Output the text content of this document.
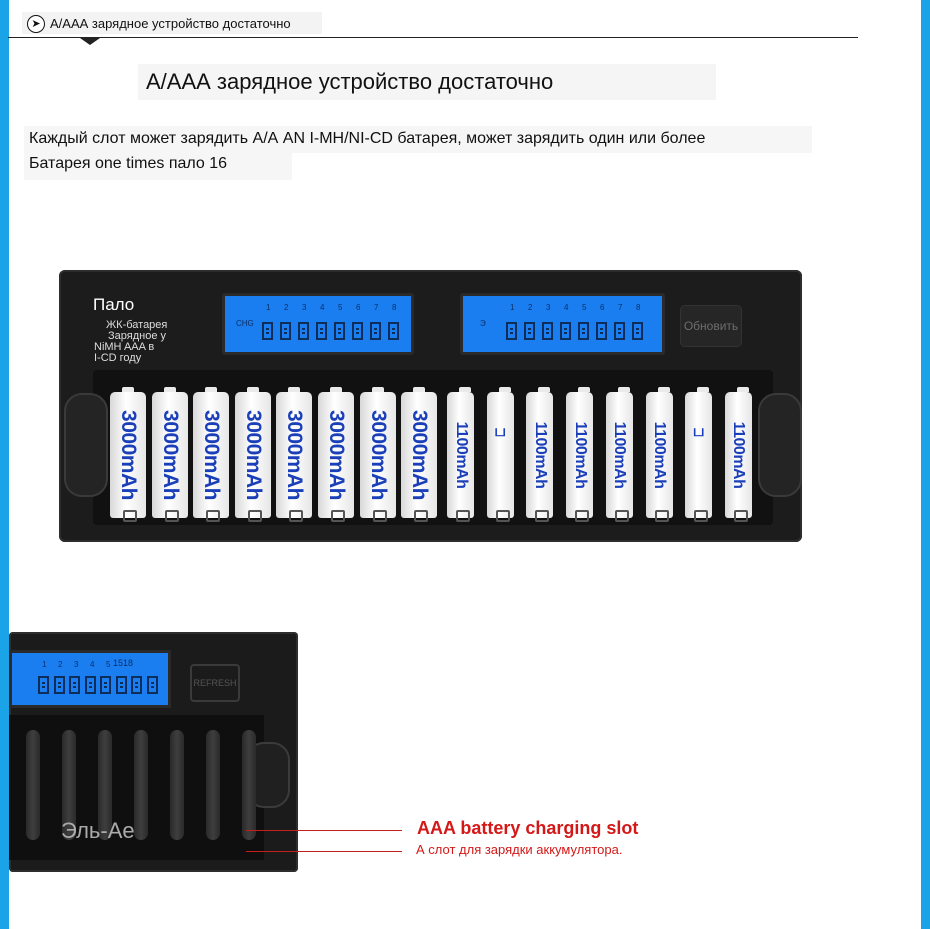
➤ А/ААА зарядное устройство достаточно
А/ААА зарядное устройство достаточно
Каждый слот может зарядить А/А AN I-MH/NI-CD батарея, может зарядить один или более
Батарея one times пало 16
Пало
ЖК-батарея
Зарядное у
NiMH AAA в
I-CD году
CHG
1 2 3 4 5 6 7 8
Э
1 2 3 4 5 6 7 8
Обновить
3000mAh 3000mAh 3000mAh 3000mAh 3000mAh 3000mAh 3000mAh 3000mAh 1100mAh ப 1100mAh 1100mAh 1100mAh 1100mAh ப 1100mAh
1 2 3 4 5 1518
REFRESH
Эль-Ае	AAA battery charging slot
А слот для зарядки аккумулятора.
